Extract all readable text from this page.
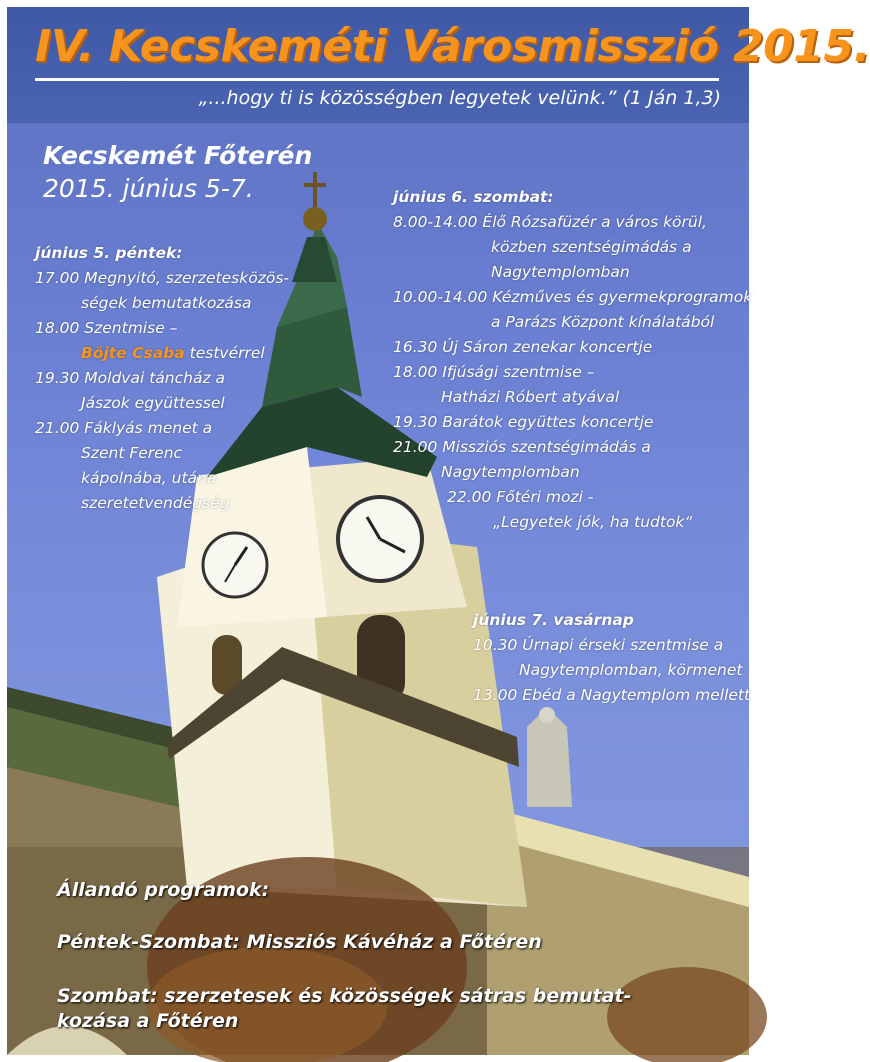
IV. Kecskeméti Városmisszió 2015.
„...hogy ti is közösségben legyetek velünk.” (1 Ján 1,3)
Kecskemét Főterén
2015. június 5-7.
június 5. péntek:
17.00 Megnyitó, szerzetesközös-
ségek bemutatkozása
18.00 Szentmise –
Böjte Csaba testvérrel
19.30 Moldvai táncház a
Jászok együttessel
21.00 Fáklyás menet a
Szent Ferenc
kápolnába, utána
szeretetvendégség
június 6. szombat:
8.00-14.00 Élő Rózsafüzér a város körül,
közben szentségimádás a
Nagytemplomban
10.00-14.00 Kézműves és gyermekprogramok
a Parázs Központ kínálatából
16.30 Új Sáron zenekar koncertje
18.00 Ifjúsági szentmise –
Hatházi Róbert atyával
19.30 Barátok együttes koncertje
21.00 Missziós szentségimádás a
Nagytemplomban
22.00 Főtéri mozi -
„Legyetek jók, ha tudtok“
június 7. vasárnap
10.30 Úrnapi érseki szentmise a
Nagytemplomban, körmenet
13.00 Ebéd a Nagytemplom mellett
Állandó programok:
Péntek-Szombat: Missziós Kávéház a Főtéren
Szombat: szerzetesek és közösségek sátras bemutat-
kozása a Főtéren
